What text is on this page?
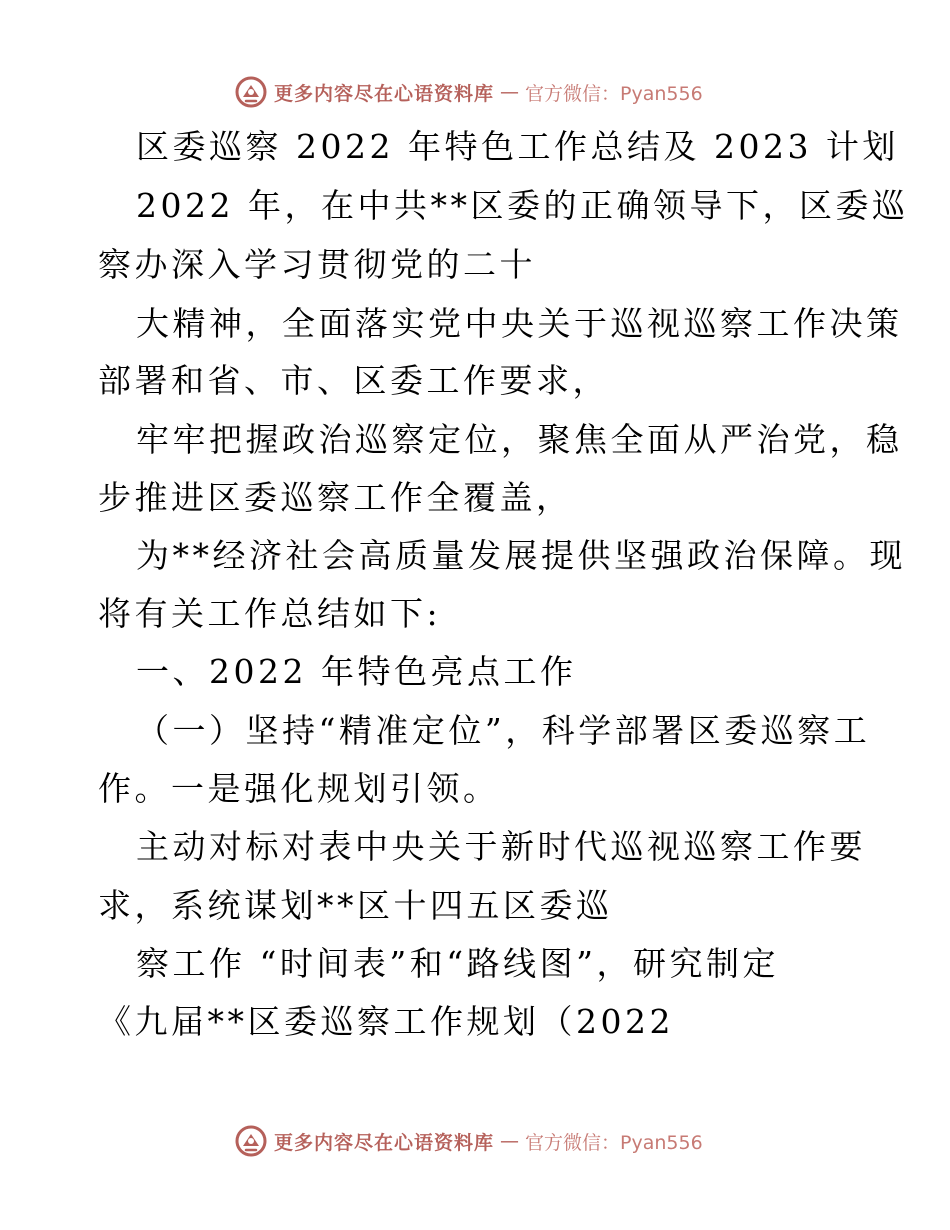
更多内容尽在心语资料库 — 官方微信：Pyan556
区委巡察 2022 年特色工作总结及 2023 计划
2022 年，在中共**区委的正确领导下，区委巡
察办深入学习贯彻党的二十
大精神，全面落实党中央关于巡视巡察工作决策
部署和省、市、区委工作要求，
牢牢把握政治巡察定位，聚焦全面从严治党，稳
步推进区委巡察工作全覆盖，
为**经济社会高质量发展提供坚强政治保障。现
将有关工作总结如下:
一、2022 年特色亮点工作
（一）坚持“精准定位”，科学部署区委巡察工
作。一是强化规划引领。
主动对标对表中央关于新时代巡视巡察工作要
求，系统谋划**区十四五区委巡
察工作 “时间表”和“路线图”，研究制定
《九届**区委巡察工作规划（2022
更多内容尽在心语资料库 — 官方微信：Pyan556
